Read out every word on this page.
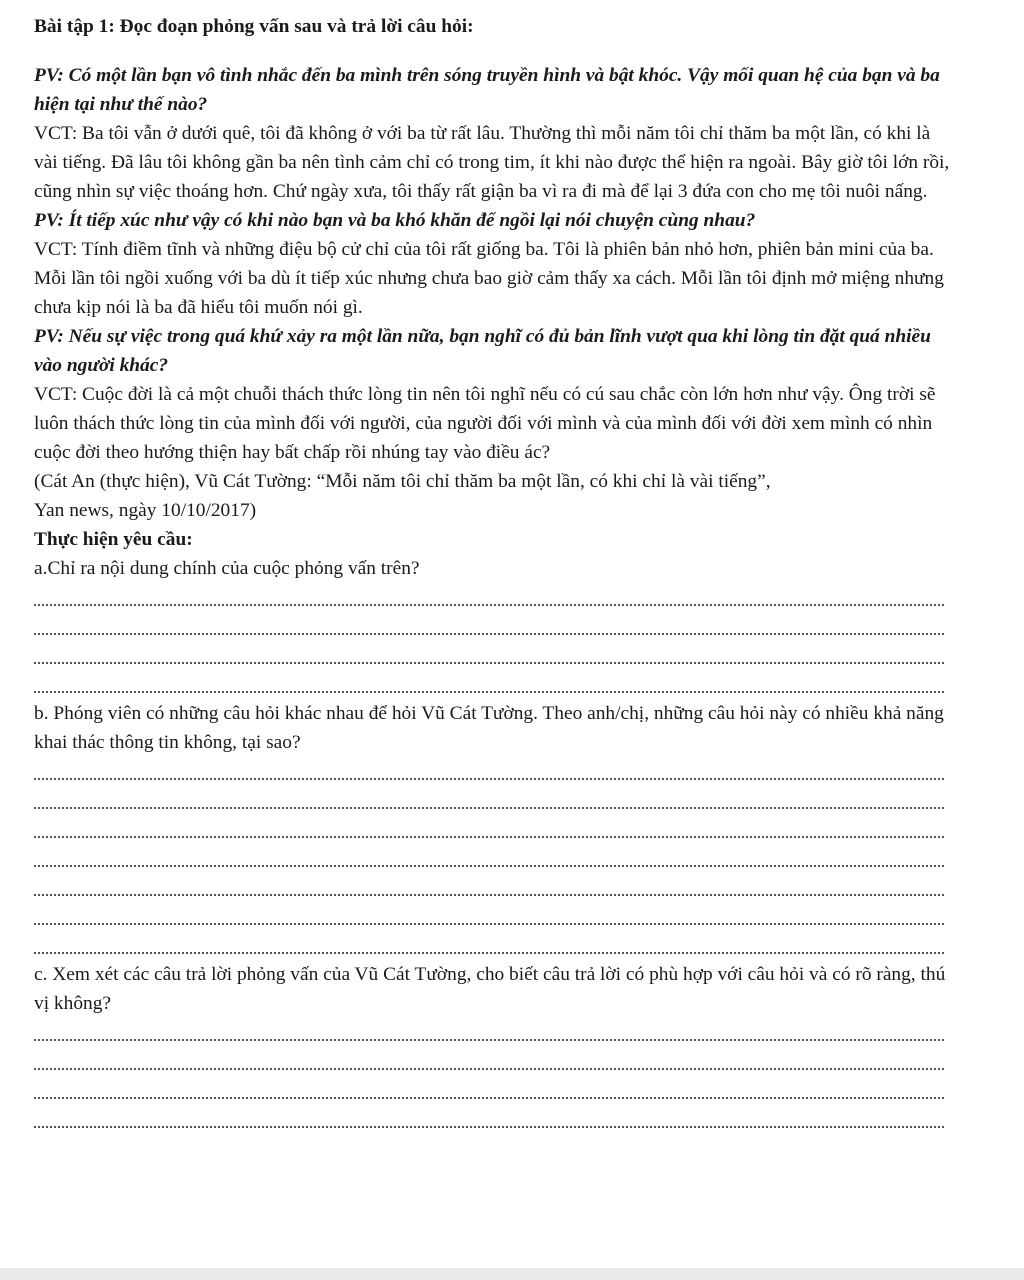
Bài tập 1: Đọc đoạn phỏng vấn sau và trả lời câu hỏi:

PV: Có một lần bạn vô tình nhắc đến ba mình trên sóng truyền hình và bật khóc. Vậy mối quan hệ của bạn và ba hiện tại như thế nào?

VCT: Ba tôi vẫn ở dưới quê, tôi đã không ở với ba từ rất lâu. Thường thì mỗi năm tôi chỉ thăm ba một lần, có khi là vài tiếng. Đã lâu tôi không gần ba nên tình cảm chỉ có trong tim, ít khi nào được thể hiện ra ngoài. Bây giờ tôi lớn rồi, cũng nhìn sự việc thoáng hơn. Chứ ngày xưa, tôi thấy rất giận ba vì ra đi mà để lại 3 đứa con cho mẹ tôi nuôi nấng.

PV: Ít tiếp xúc như vậy có khi nào bạn và ba khó khăn để ngồi lại nói chuyện cùng nhau?

VCT: Tính điềm tĩnh và những điệu bộ cử chỉ của tôi rất giống ba. Tôi là phiên bản nhỏ hơn, phiên bản mini của ba. Mỗi lần tôi ngồi xuống với ba dù ít tiếp xúc nhưng chưa bao giờ cảm thấy xa cách. Mỗi lần tôi định mở miệng nhưng chưa kịp nói là ba đã hiểu tôi muốn nói gì.

PV: Nếu sự việc trong quá khứ xảy ra một lần nữa, bạn nghĩ có đủ bản lĩnh vượt qua khi lòng tin đặt quá nhiều vào người khác?

VCT: Cuộc đời là cả một chuỗi thách thức lòng tin nên tôi nghĩ nếu có cú sau chắc còn lớn hơn như vậy. Ông trời sẽ luôn thách thức lòng tin của mình đối với người, của người đối với mình và của mình đối với đời xem mình có nhìn cuộc đời theo hướng thiện hay bất chấp rồi nhúng tay vào điều ác?

(Cát An (thực hiện), Vũ Cát Tường: “Mỗi năm tôi chỉ thăm ba một lần, có khi chỉ là vài tiếng”,

Yan news, ngày 10/10/2017)

Thực hiện yêu cầu:

a.Chỉ ra nội dung chính của cuộc phỏng vấn trên?

b. Phóng viên có những câu hỏi khác nhau để hỏi Vũ Cát Tường. Theo anh/chị, những câu hỏi này có nhiều khả năng khai thác thông tin không, tại sao?

c. Xem xét các câu trả lời phỏng vấn của Vũ Cát Tường, cho biết câu trả lời có phù hợp với câu hỏi và có rõ ràng, thú vị không?
